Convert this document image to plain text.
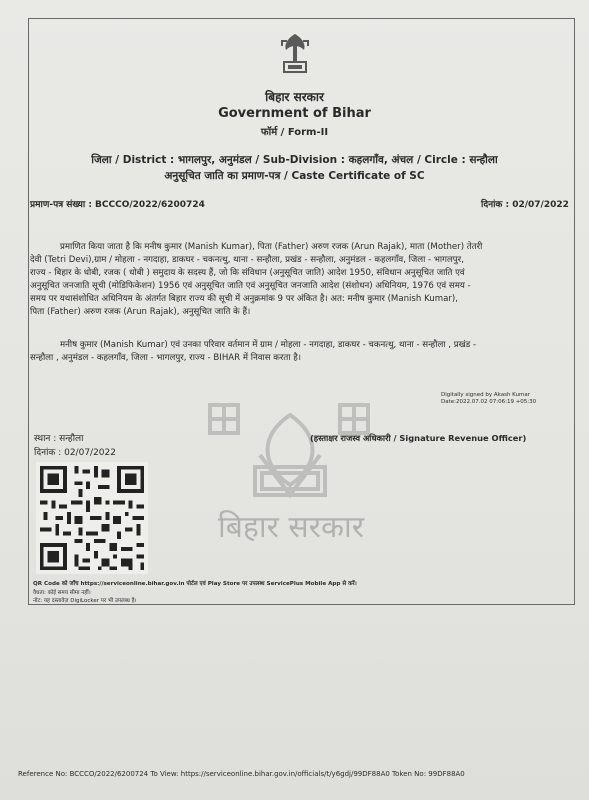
बिहार सरकार
बिहार सरकार
Government of Bihar
फॉर्म / Form-II
जिला / District : भागलपुर, अनुमंडल / Sub-Division : कहलगाँव, अंचल / Circle : सन्हौला
अनुसूचित जाति का प्रमाण-पत्र / Caste Certificate of SC
प्रमाण-पत्र संख्या : BCCCO/2022/6200724	दिनांक : 02/07/2022
प्रमाणित किया जाता है कि मनीष कुमार (Manish Kumar), पिता (Father) अरुण रजक (Arun Rajak), माता (Mother) तेतरी
देवी (Tetri Devi),ग्राम / मोहला - नगदाहा, डाकघर - चकनत्थु, थाना - सन्हौला, प्रखंड - सन्हौला, अनुमंडल - कहलगाँव, जिला - भागलपुर,
राज्य - बिहार के धोबी, रजक ( धोबी ) समुदाय के सदस्य हैं, जो कि संविधान (अनुसूचित जाति) आदेश 1950, संविधान अनुसूचित जाति एवं
अनुसूचित जनजाति सूची (मोडिफिकेशन) 1956 एवं अनुसूचित जाति एवं अनुसूचित जनजाति आदेश (संशोधन) अधिनियम, 1976 एवं समय -
समय पर यथासंशोधित अधिनियम के अंतर्गत बिहार राज्य की सूची में अनुक्रमांक 9 पर अंकित है। अत: मनीष कुमार (Manish Kumar),
पिता (Father) अरुण रजक (Arun Rajak), अनुसूचित जाति के हैं।
मनीष कुमार (Manish Kumar) एवं उनका परिवार वर्तमान में ग्राम / मोहला - नगदाहा, डाकघर - चकनत्थु, थाना - सन्हौला , प्रखंड -
सन्हौला , अनुमंडल - कहलगाँव, जिला - भागलपुर, राज्य - BIHAR में निवास करता है।
Digitally signed by Akash Kumar
Date:2022.07.02 07:06:19 +05:30
(हस्ताक्षर राजस्व अधिकारी / Signature Revenue Officer)
स्थान : सन्हौला
दिनांक : 02/07/2022
QR Code को जाँच https://serviceonline.bihar.gov.in पोर्टल एवं Play Store पर उपलब्ध ServicePlus Mobile App से करें।
वैधता: कोई समय सीमा नहीं।
नोट: यह दस्तावेज़ DigiLocker पर भी उपलब्ध है।
Reference No: BCCCO/2022/6200724 To View: https://serviceonline.bihar.gov.in/officials/t/y6gdj/99DF88A0 Token No: 99DF88A0
